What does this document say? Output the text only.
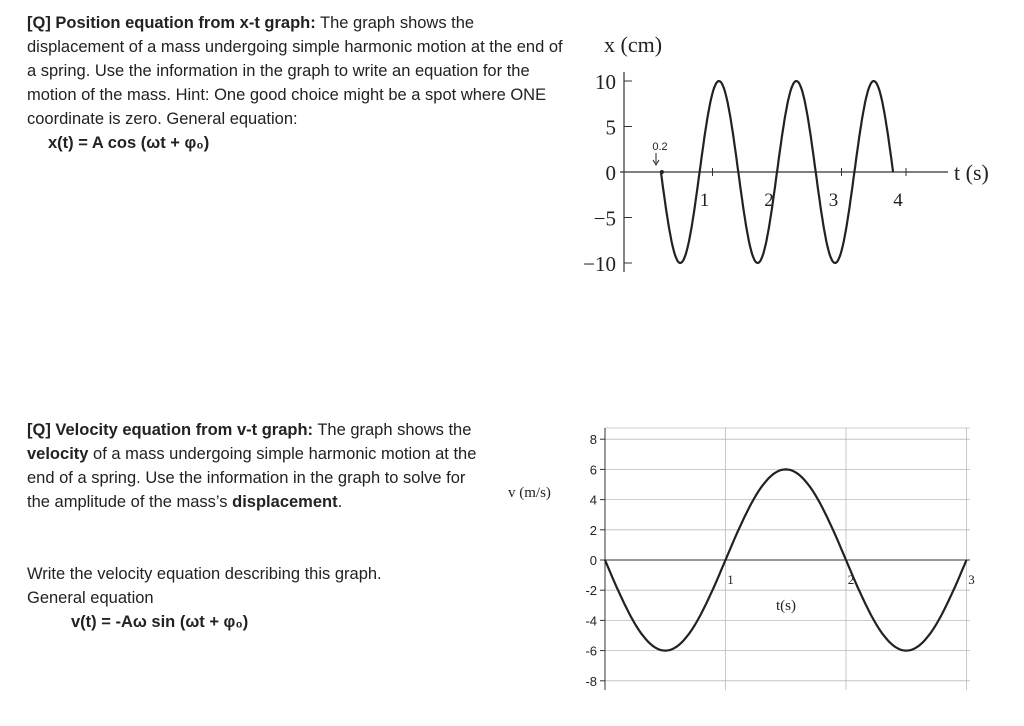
[Q] Position equation from x-t graph: The graph shows the displacement of a mass undergoing simple harmonic motion at the end of a spring. Use the information in the graph to write an equation for the motion of the mass. Hint: One good choice might be a spot where ONE coordinate is zero. General equation:
x(t) = A cos (ωt + φ₀)
[Q] Velocity equation from v-t graph: The graph shows the velocity of a mass undergoing simple harmonic motion at the end of a spring. Use the information in the graph to solve for the amplitude of the mass’s displacement.
Write the velocity equation describing this graph.
General equation
v(t) = -Aω sin (ωt + φ₀)
10
5
0
−5
−10
1	2	3	4
x (cm)
t (s)
0.2
8
6
4
2
0
-2
-4
-6
-8
1	2	3
v (m/s)
t(s)
